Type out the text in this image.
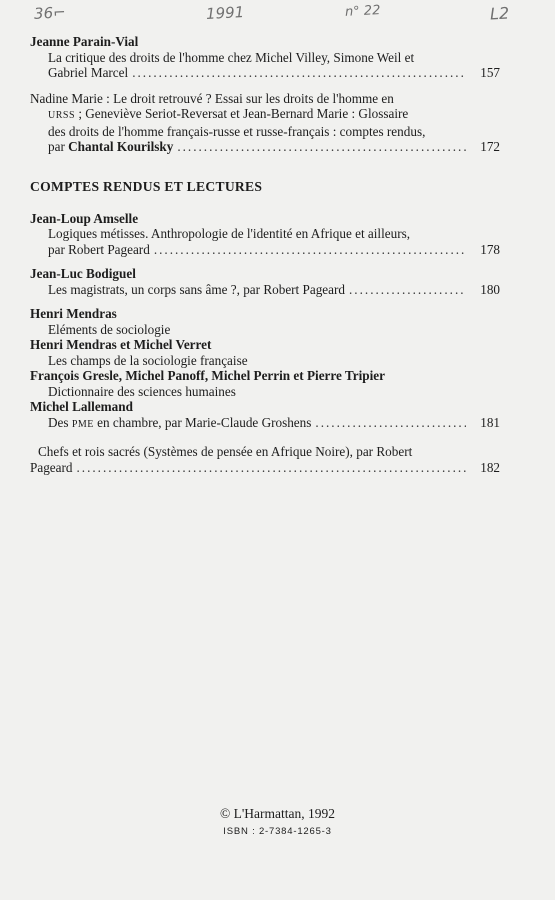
36⌐	1991	n° 22	L2
Jeanne Parain-Vial
La critique des droits de l'homme chez Michel Villey, Simone Weil et
Gabriel Marcel .....	157
Nadine Marie : Le droit retrouvé ? Essai sur les droits de l'homme en
URSS ; Geneviève Seriot-Reversat et Jean-Bernard Marie : Glossaire
des droits de l'homme français-russe et russe-français : comptes rendus,
par Chantal Kourilsky .....	172
COMPTES RENDUS ET LECTURES
Jean-Loup Amselle
Logiques métisses. Anthropologie de l'identité en Afrique et ailleurs,
par Robert Pageard .....	178
Jean-Luc Bodiguel
Les magistrats, un corps sans âme ?, par Robert Pageard .....	180
Henri Mendras
Eléments de sociologie
Henri Mendras et Michel Verret
Les champs de la sociologie française
François Gresle, Michel Panoff, Michel Perrin et Pierre Tripier
Dictionnaire des sciences humaines
Michel Lallemand
Des PME en chambre, par Marie-Claude Groshens .....	181
Chefs et rois sacrés (Systèmes de pensée en Afrique Noire), par Robert
Pageard .....	182
© L'Harmattan, 1992
ISBN : 2-7384-1265-3
